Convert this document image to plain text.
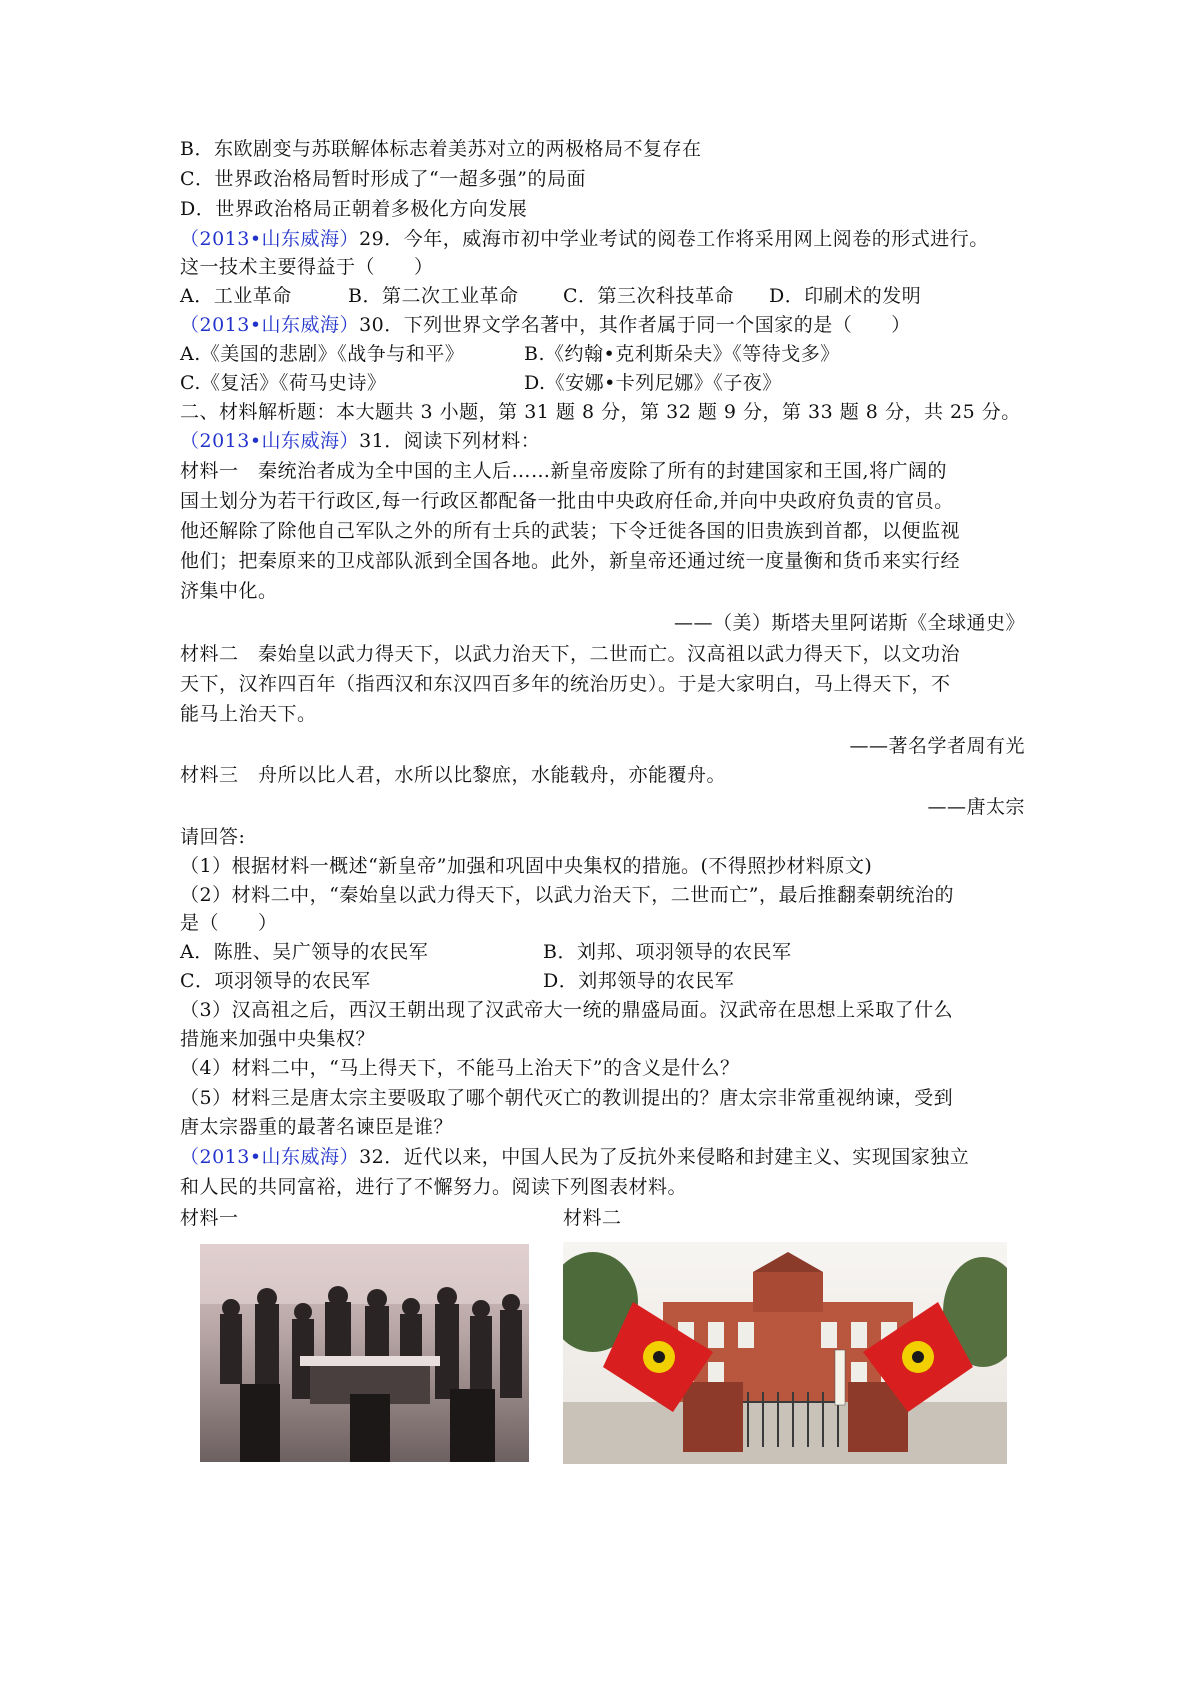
B．东欧剧变与苏联解体标志着美苏对立的两极格局不复存在
C．世界政治格局暂时形成了“一超多强”的局面
D．世界政治格局正朝着多极化方向发展
（2013•山东威海）29．今年，威海市初中学业考试的阅卷工作将采用网上阅卷的形式进行。
这一技术主要得益于（　　）
A．工业革命	B．第二次工业革命 C．第三次科技革命 D．印刷术的发明
（2013•山东威海）30．下列世界文学名著中，其作者属于同一个国家的是（　　）
A.《美国的悲剧》《战争与和平》	B.《约翰•克利斯朵夫》《等待戈多》
C.《复活》《荷马史诗》	D.《安娜•卡列尼娜》《子夜》
二、材料解析题：本大题共 3 小题，第 31 题 8 分，第 32 题 9 分，第 33 题 8 分，共 25 分。
（2013•山东威海）31．阅读下列材料：
材料一　秦统治者成为全中国的主人后……新皇帝废除了所有的封建国家和王国,将广阔的
国土划分为若干行政区,每一行政区都配备一批由中央政府任命,并向中央政府负责的官员。
他还解除了除他自己军队之外的所有士兵的武装；下令迁徙各国的旧贵族到首都，以便监视
他们；把秦原来的卫戍部队派到全国各地。此外，新皇帝还通过统一度量衡和货币来实行经
济集中化。
——（美）斯塔夫里阿诺斯《全球通史》
材料二　秦始皇以武力得天下，以武力治天下，二世而亡。汉高祖以武力得天下，以文功治
天下，汉祚四百年（指西汉和东汉四百多年的统治历史）。于是大家明白，马上得天下，不
能马上治天下。
——著名学者周有光
材料三　舟所以比人君，水所以比黎庶，水能载舟，亦能覆舟。
——唐太宗
请回答:
（1）根据材料一概述“新皇帝”加强和巩固中央集权的措施。(不得照抄材料原文)
（2）材料二中，“秦始皇以武力得天下，以武力治天下，二世而亡”，最后推翻秦朝统治的
是（　　）
A．陈胜、吴广领导的农民军	B．刘邦、项羽领导的农民军
C．项羽领导的农民军	D．刘邦领导的农民军
（3）汉高祖之后，西汉王朝出现了汉武帝大一统的鼎盛局面。汉武帝在思想上采取了什么
措施来加强中央集权？
（4）材料二中，“马上得天下，不能马上治天下”的含义是什么？
（5）材料三是唐太宗主要吸取了哪个朝代灭亡的教训提出的？唐太宗非常重视纳谏，受到
唐太宗器重的最著名谏臣是谁？
（2013•山东威海）32．近代以来，中国人民为了反抗外来侵略和封建主义、实现国家独立
和人民的共同富裕，进行了不懈努力。阅读下列图表材料。
材料一	材料二
